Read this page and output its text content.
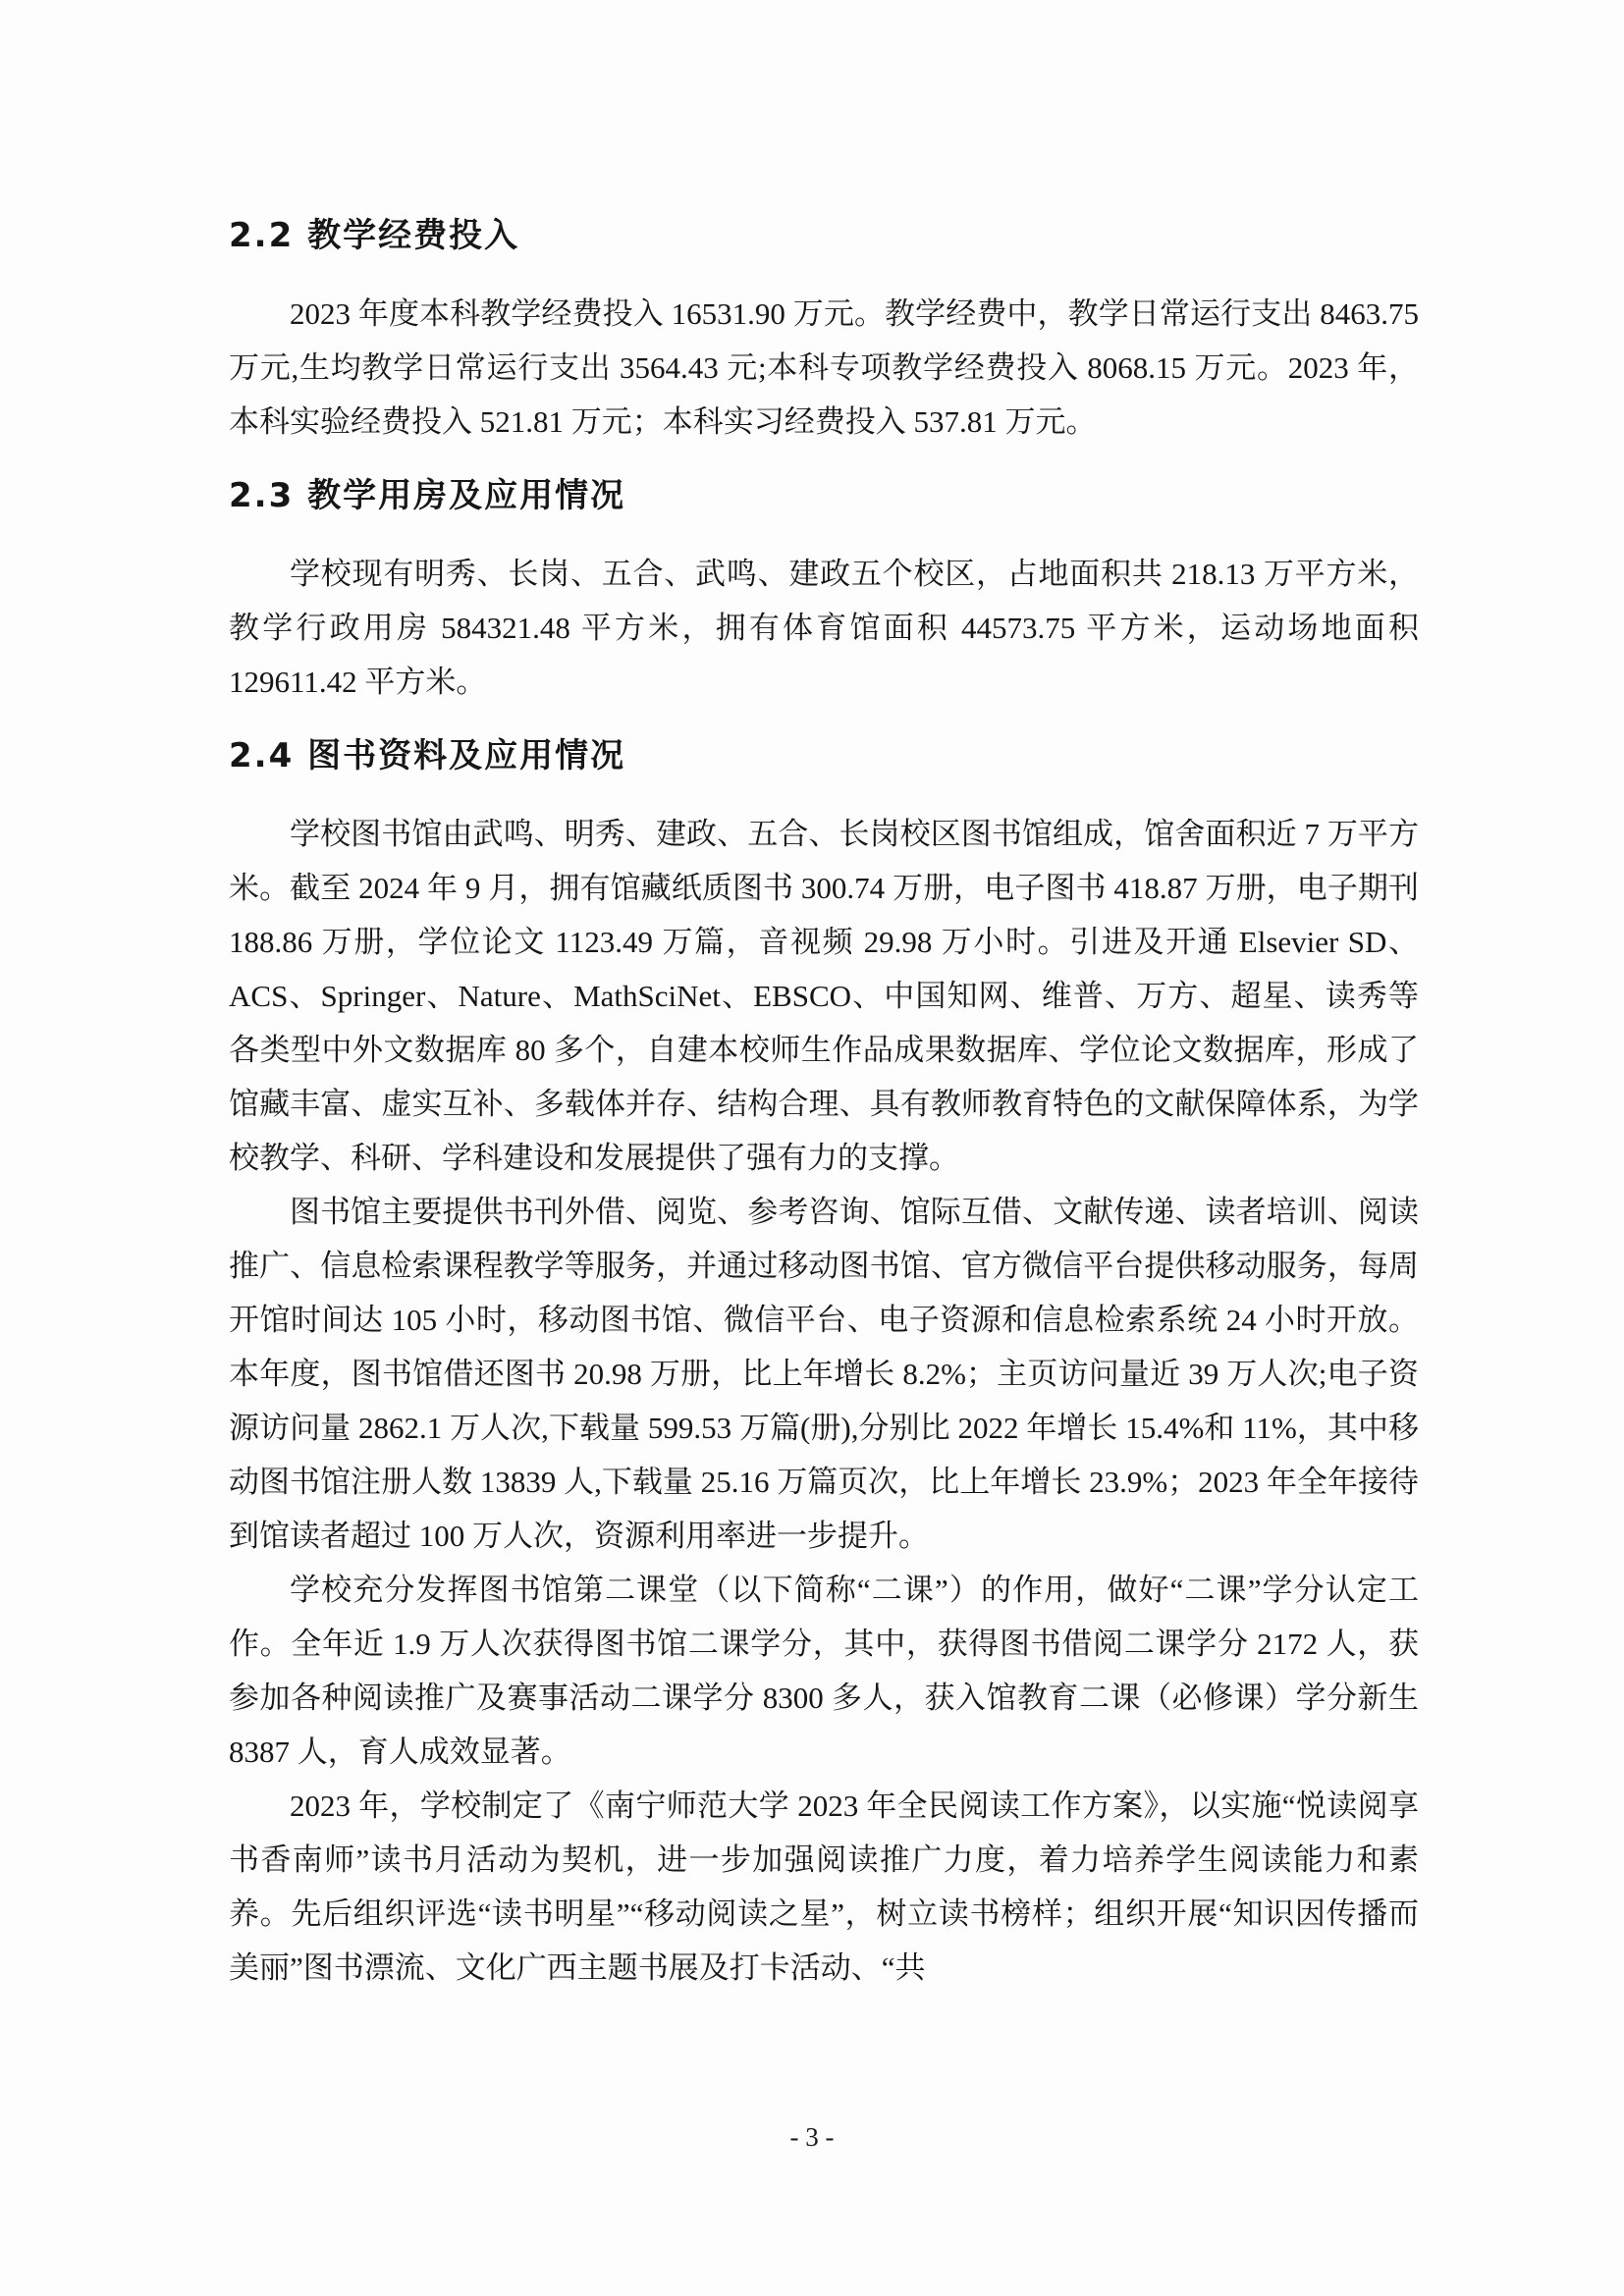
2.2 教学经费投入

2023 年度本科教学经费投入 16531.90 万元。教学经费中，教学日常运行支出 8463.75 万元,生均教学日常运行支出 3564.43 元;本科专项教学经费投入 8068.15 万元。2023 年，本科实验经费投入 521.81 万元；本科实习经费投入 537.81 万元。

2.3 教学用房及应用情况

学校现有明秀、长岗、五合、武鸣、建政五个校区，占地面积共 218.13 万平方米，教学行政用房 584321.48 平方米，拥有体育馆面积 44573.75 平方米，运动场地面积 129611.42 平方米。

2.4 图书资料及应用情况

学校图书馆由武鸣、明秀、建政、五合、长岗校区图书馆组成，馆舍面积近 7 万平方米。截至 2024 年 9 月，拥有馆藏纸质图书 300.74 万册，电子图书 418.87 万册，电子期刊 188.86 万册，学位论文 1123.49 万篇，音视频 29.98 万小时。引进及开通 Elsevier SD、ACS、Springer、Nature、MathSciNet、EBSCO、中国知网、维普、万方、超星、读秀等各类型中外文数据库 80 多个，自建本校师生作品成果数据库、学位论文数据库，形成了馆藏丰富、虚实互补、多载体并存、结构合理、具有教师教育特色的文献保障体系，为学校教学、科研、学科建设和发展提供了强有力的支撑。

图书馆主要提供书刊外借、阅览、参考咨询、馆际互借、文献传递、读者培训、阅读推广、信息检索课程教学等服务，并通过移动图书馆、官方微信平台提供移动服务，每周开馆时间达 105 小时，移动图书馆、微信平台、电子资源和信息检索系统 24 小时开放。本年度，图书馆借还图书 20.98 万册，比上年增长 8.2%；主页访问量近 39 万人次;电子资源访问量 2862.1 万人次,下载量 599.53 万篇(册),分别比 2022 年增长 15.4%和 11%，其中移动图书馆注册人数 13839 人,下载量 25.16 万篇页次，比上年增长 23.9%；2023 年全年接待到馆读者超过 100 万人次，资源利用率进一步提升。

学校充分发挥图书馆第二课堂（以下简称“二课”）的作用，做好“二课”学分认定工作。全年近 1.9 万人次获得图书馆二课学分，其中，获得图书借阅二课学分 2172 人，获参加各种阅读推广及赛事活动二课学分 8300 多人，获入馆教育二课（必修课）学分新生 8387 人，育人成效显著。

2023 年，学校制定了《南宁师范大学 2023 年全民阅读工作方案》，以实施“悦读阅享 书香南师”读书月活动为契机，进一步加强阅读推广力度，着力培养学生阅读能力和素养。先后组织评选“读书明星”“移动阅读之星”，树立读书榜样；组织开展“知识因传播而美丽”图书漂流、文化广西主题书展及打卡活动、“共

- 3 -
